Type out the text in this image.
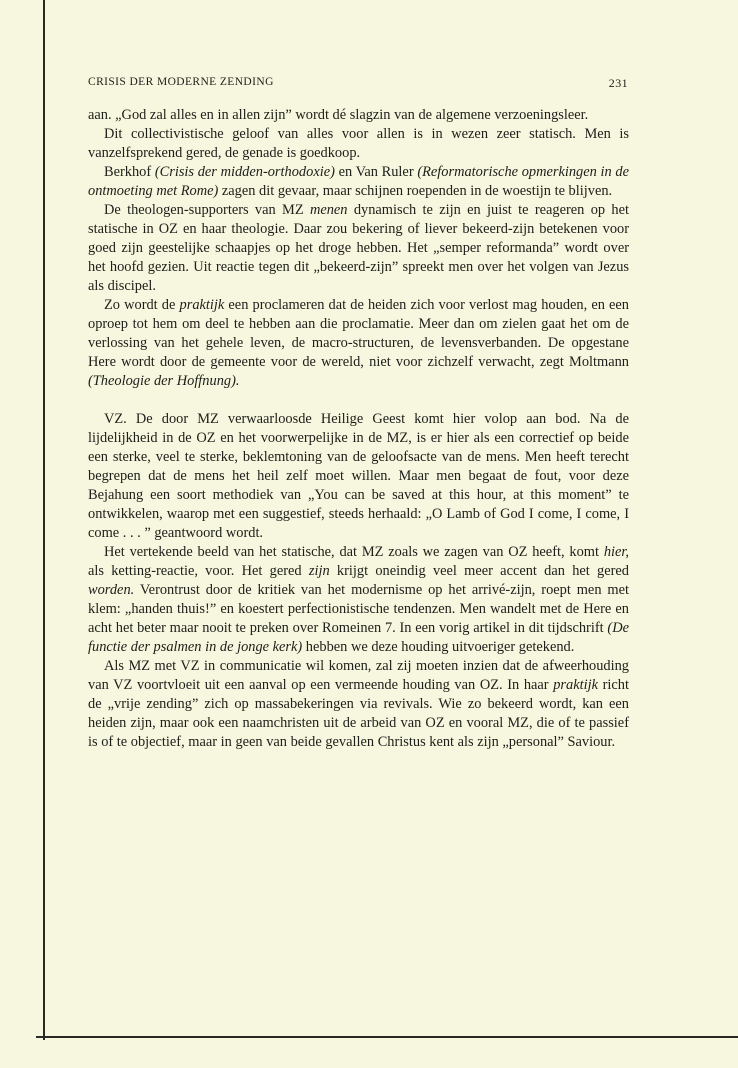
CRISIS DER MODERNE ZENDING	231

aan. „God zal alles en in allen zijn” wordt dé slagzin van de algemene verzoeningsleer.

Dit collectivistische geloof van alles voor allen is in wezen zeer statisch. Men is vanzelfsprekend gered, de genade is goedkoop.

Berkhof (Crisis der midden-orthodoxie) en Van Ruler (Reformatorische opmerkingen in de ontmoeting met Rome) zagen dit gevaar, maar schijnen roependen in de woestijn te blijven.

De theologen-supporters van MZ menen dynamisch te zijn en juist te reageren op het statische in OZ en haar theologie. Daar zou bekering of liever bekeerd-zijn betekenen voor goed zijn geestelijke schaapjes op het droge hebben. Het „semper reformanda” wordt over het hoofd gezien. Uit reactie tegen dit „bekeerd-zijn” spreekt men over het volgen van Jezus als discipel.

Zo wordt de praktijk een proclameren dat de heiden zich voor verlost mag houden, en een oproep tot hem om deel te hebben aan die proclamatie. Meer dan om zielen gaat het om de verlossing van het gehele leven, de macro-structuren, de levensverbanden. De opgestane Here wordt door de gemeente voor de wereld, niet voor zichzelf verwacht, zegt Moltmann (Theologie der Hoffnung).

VZ. De door MZ verwaarloosde Heilige Geest komt hier volop aan bod. Na de lijdelijkheid in de OZ en het voorwerpelijke in de MZ, is er hier als een correctief op beide een sterke, veel te sterke, beklemtoning van de geloofsacte van de mens. Men heeft terecht begrepen dat de mens het heil zelf moet willen. Maar men begaat de fout, voor deze Bejahung een soort methodiek van „You can be saved at this hour, at this moment” te ontwikkelen, waarop met een suggestief, steeds herhaald: „O Lamb of God I come, I come, I come . . . ” geantwoord wordt.

Het vertekende beeld van het statische, dat MZ zoals we zagen van OZ heeft, komt hier, als ketting-reactie, voor. Het gered zijn krijgt oneindig veel meer accent dan het gered worden. Verontrust door de kritiek van het modernisme op het arrivé-zijn, roept men met klem: „handen thuis!” en koestert perfectionistische tendenzen. Men wandelt met de Here en acht het beter maar nooit te preken over Romeinen 7. In een vorig artikel in dit tijdschrift (De functie der psalmen in de jonge kerk) hebben we deze houding uitvoeriger getekend.

Als MZ met VZ in communicatie wil komen, zal zij moeten inzien dat de afweerhouding van VZ voortvloeit uit een aanval op een vermeende houding van OZ. In haar praktijk richt de „vrije zending” zich op massabekeringen via revivals. Wie zo bekeerd wordt, kan een heiden zijn, maar ook een naamchristen uit de arbeid van OZ en vooral MZ, die of te passief is of te objectief, maar in geen van beide gevallen Christus kent als zijn „personal” Saviour.
